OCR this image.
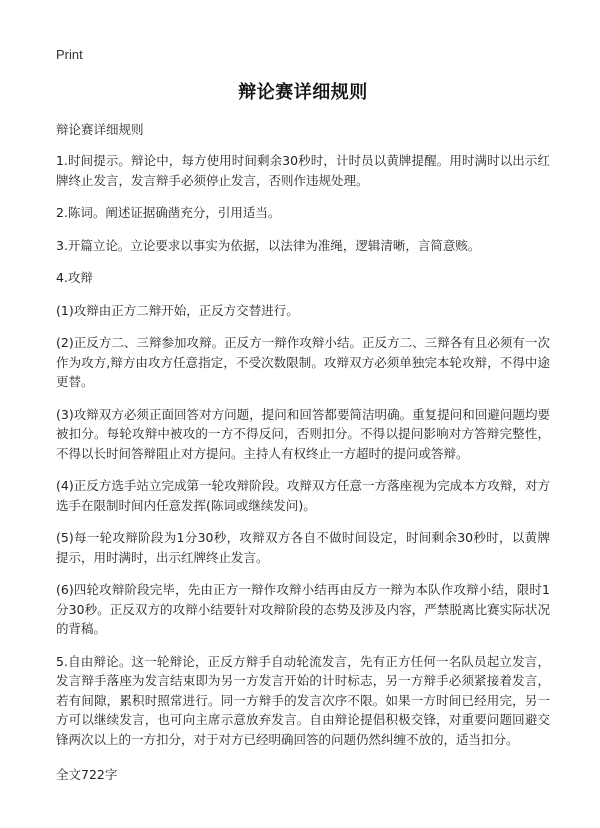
Print
辩论赛详细规则
辩论赛详细规则

1.时间提示。辩论中，每方使用时间剩余30秒时，计时员以黄牌提醒。用时满时以出示红牌终止发言，发言辩手必须停止发言，否则作违规处理。

2.陈词。阐述证据确凿充分，引用适当。

3.开篇立论。立论要求以事实为依据，以法律为准绳，逻辑清晰，言简意赅。

4.攻辩

(1)攻辩由正方二辩开始，正反方交替进行。

(2)正反方二、三辩参加攻辩。正反方一辩作攻辩小结。正反方二、三辩各有且必须有一次作为攻方,辩方由攻方任意指定，不受次数限制。攻辩双方必须单独完本轮攻辩，不得中途更替。

(3)攻辩双方必须正面回答对方问题，提问和回答都要简洁明确。重复提问和回避问题均要被扣分。每轮攻辩中被攻的一方不得反问，否则扣分。不得以提问影响对方答辩完整性，不得以长时间答辩阻止对方提问。主持人有权终止一方超时的提问或答辩。

(4)正反方选手站立完成第一轮攻辩阶段。攻辩双方任意一方落座视为完成本方攻辩，对方选手在限制时间内任意发挥(陈词或继续发问)。

(5)每一轮攻辩阶段为1分30秒，攻辩双方各自不做时间设定，时间剩余30秒时，以黄牌提示，用时满时，出示红牌终止发言。

(6)四轮攻辩阶段完毕，先由正方一辩作攻辩小结再由反方一辩为本队作攻辩小结，限时1分30秒。正反双方的攻辩小结要针对攻辩阶段的态势及涉及内容，严禁脱离比赛实际状况的背稿。

5.自由辩论。这一轮辩论，正反方辩手自动轮流发言，先有正方任何一名队员起立发言，发言辩手落座为发言结束即为另一方发言开始的计时标志，另一方辩手必须紧接着发言，若有间隙，累积时照常进行。同一方辩手的发言次序不限。如果一方时间已经用完，另一方可以继续发言，也可向主席示意放弃发言。自由辩论提倡积极交锋，对重要问题回避交锋两次以上的一方扣分，对于对方已经明确回答的问题仍然纠缠不放的，适当扣分。

全文722字
